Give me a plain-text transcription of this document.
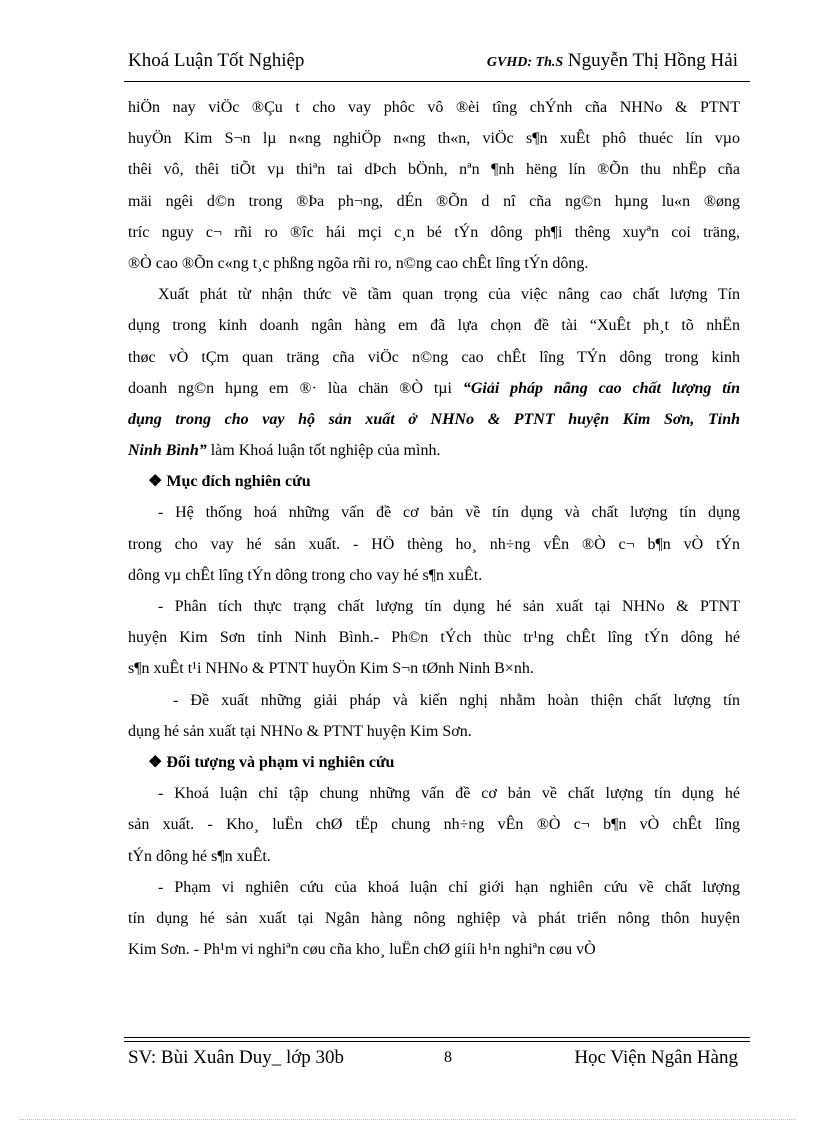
Khoá Luận Tốt Nghiệp	GVHD: Th.S Nguyễn Thị Hồng Hải
hiÖn nay viÖc ®Çu t cho vay phôc vô ®èi tîng chÝnh cña NHNo & PTNT
huyÖn Kim S¬n lµ n«ng nghiÖp n«ng th«n, viÖc s¶n xuÊt phô thuéc lín vµo
thêi vô, thêi tiÕt vµ thiªn tai dÞch bÖnh, nªn ¶nh hëng lín ®Õn thu nhËp cña
mäi ngêi d©n trong ®Þa ph¬ng, dÉn ®Õn d nî cña ng©n hµng lu«n ®øng
tríc nguy c¬ rñi ro ®îc hái mçi c¸n bé tÝn dông ph¶i thêng xuyªn coi träng,
®Ò cao ®Õn c«ng t¸c phßng ngõa rñi ro, n©ng cao chÊt lîng tÝn dông.
Xuất phát từ nhận thức về tầm quan trọng của việc nâng cao chất lượng Tín
dụng trong kinh doanh ngân hàng em đã lựa chọn đề tài “XuÊt ph¸t tõ nhËn
thøc vÒ tÇm quan träng cña viÖc n©ng cao chÊt lîng TÝn dông trong kinh
doanh ng©n hµng em ®· lùa chän ®Ò tµi “Giải pháp nâng cao chất lượng tín
dụng trong cho vay hộ sản xuất ở NHNo & PTNT huyện Kim Sơn, Tỉnh
Ninh Bình” làm Khoá luận tốt nghiệp của mình.
❖ Mục đích nghiên cứu
- Hệ thống hoá những vấn đề cơ bản về tín dụng và chất lượng tín dụng
trong cho vay hé sản xuất. - HÖ thèng ho¸ nh÷ng vÊn ®Ò c¬ b¶n vÒ tÝn
dông vµ chÊt lîng tÝn dông trong cho vay hé s¶n xuÊt.
- Phân tích thực trạng chất lượng tín dụng hé sản xuất tại NHNo & PTNT
huyện Kim Sơn tỉnh Ninh Bình.- Ph©n tÝch thùc tr¹ng chÊt lîng tÝn dông hé
s¶n xuÊt t¹i NHNo & PTNT huyÖn Kim S¬n tØnh Ninh B×nh.
- Đề xuất những giải pháp và kiến nghị nhằm hoàn thiện chất lượng tín
dụng hé sản xuất tại NHNo & PTNT huyện Kim Sơn.
❖ Đối tượng và phạm vi nghiên cứu
- Khoá luận chỉ tập chung những vấn đề cơ bản về chất lượng tín dụng hé
sản xuất. - Kho¸ luËn chØ tËp chung nh÷ng vÊn ®Ò c¬ b¶n vÒ chÊt lîng
tÝn dông hé s¶n xuÊt.
- Phạm vi nghiên cứu của khoá luận chỉ giới hạn nghiên cứu về chất lượng
tín dụng hé sản xuất tại Ngân hàng nông nghiệp và phát triển nông thôn huyện
Kim Sơn. - Ph¹m vi nghiªn cøu cña kho¸ luËn chØ giíi h¹n nghiªn cøu vÒ
SV: Bùi Xuân Duy_ lớp 30b	8	Học Viện Ngân Hàng
